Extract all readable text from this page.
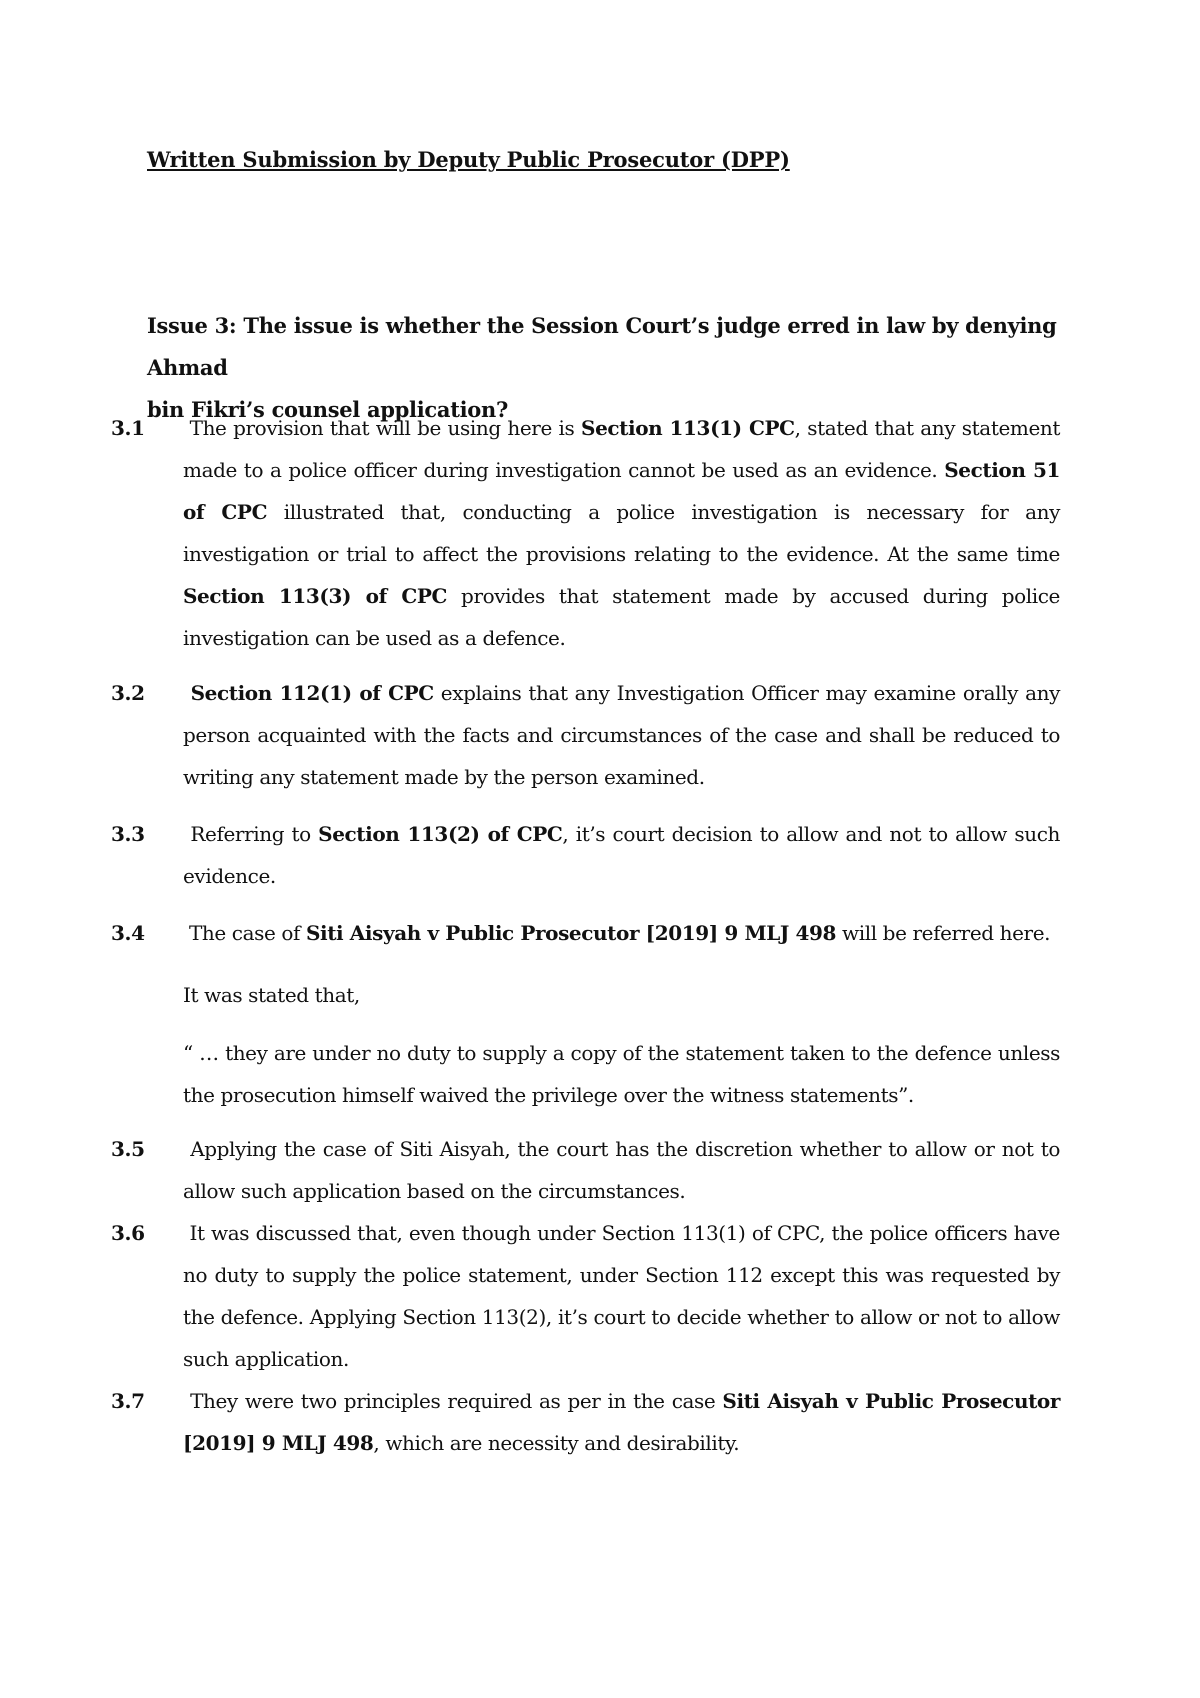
Written Submission by Deputy Public Prosecutor (DPP)
Issue 3: The issue is whether the Session Court’s judge erred in law by denying Ahmad
bin Fikri’s counsel application?
3.1 The provision that will be using here is Section 113(1) CPC, stated that any statement made to a police officer during investigation cannot be used as an evidence. Section 51 of CPC illustrated that, conducting a police investigation is necessary for any investigation or trial to affect the provisions relating to the evidence. At the same time Section 113(3) of CPC provides that statement made by accused during police investigation can be used as a defence.
3.2 Section 112(1) of CPC explains that any Investigation Officer may examine orally any person acquainted with the facts and circumstances of the case and shall be reduced to writing any statement made by the person examined.
3.3 Referring to Section 113(2) of CPC, it’s court decision to allow and not to allow such evidence.
3.4 The case of Siti Aisyah v Public Prosecutor [2019] 9 MLJ 498 will be referred here.
It was stated that,
“ … they are under no duty to supply a copy of the statement taken to the defence unless the prosecution himself waived the privilege over the witness statements”.
3.5 Applying the case of Siti Aisyah, the court has the discretion whether to allow or not to allow such application based on the circumstances.
3.6 It was discussed that, even though under Section 113(1) of CPC, the police officers have no duty to supply the police statement, under Section 112 except this was requested by the defence. Applying Section 113(2), it’s court to decide whether to allow or not to allow such application.
3.7 They were two principles required as per in the case Siti Aisyah v Public Prosecutor [2019] 9 MLJ 498, which are necessity and desirability.
